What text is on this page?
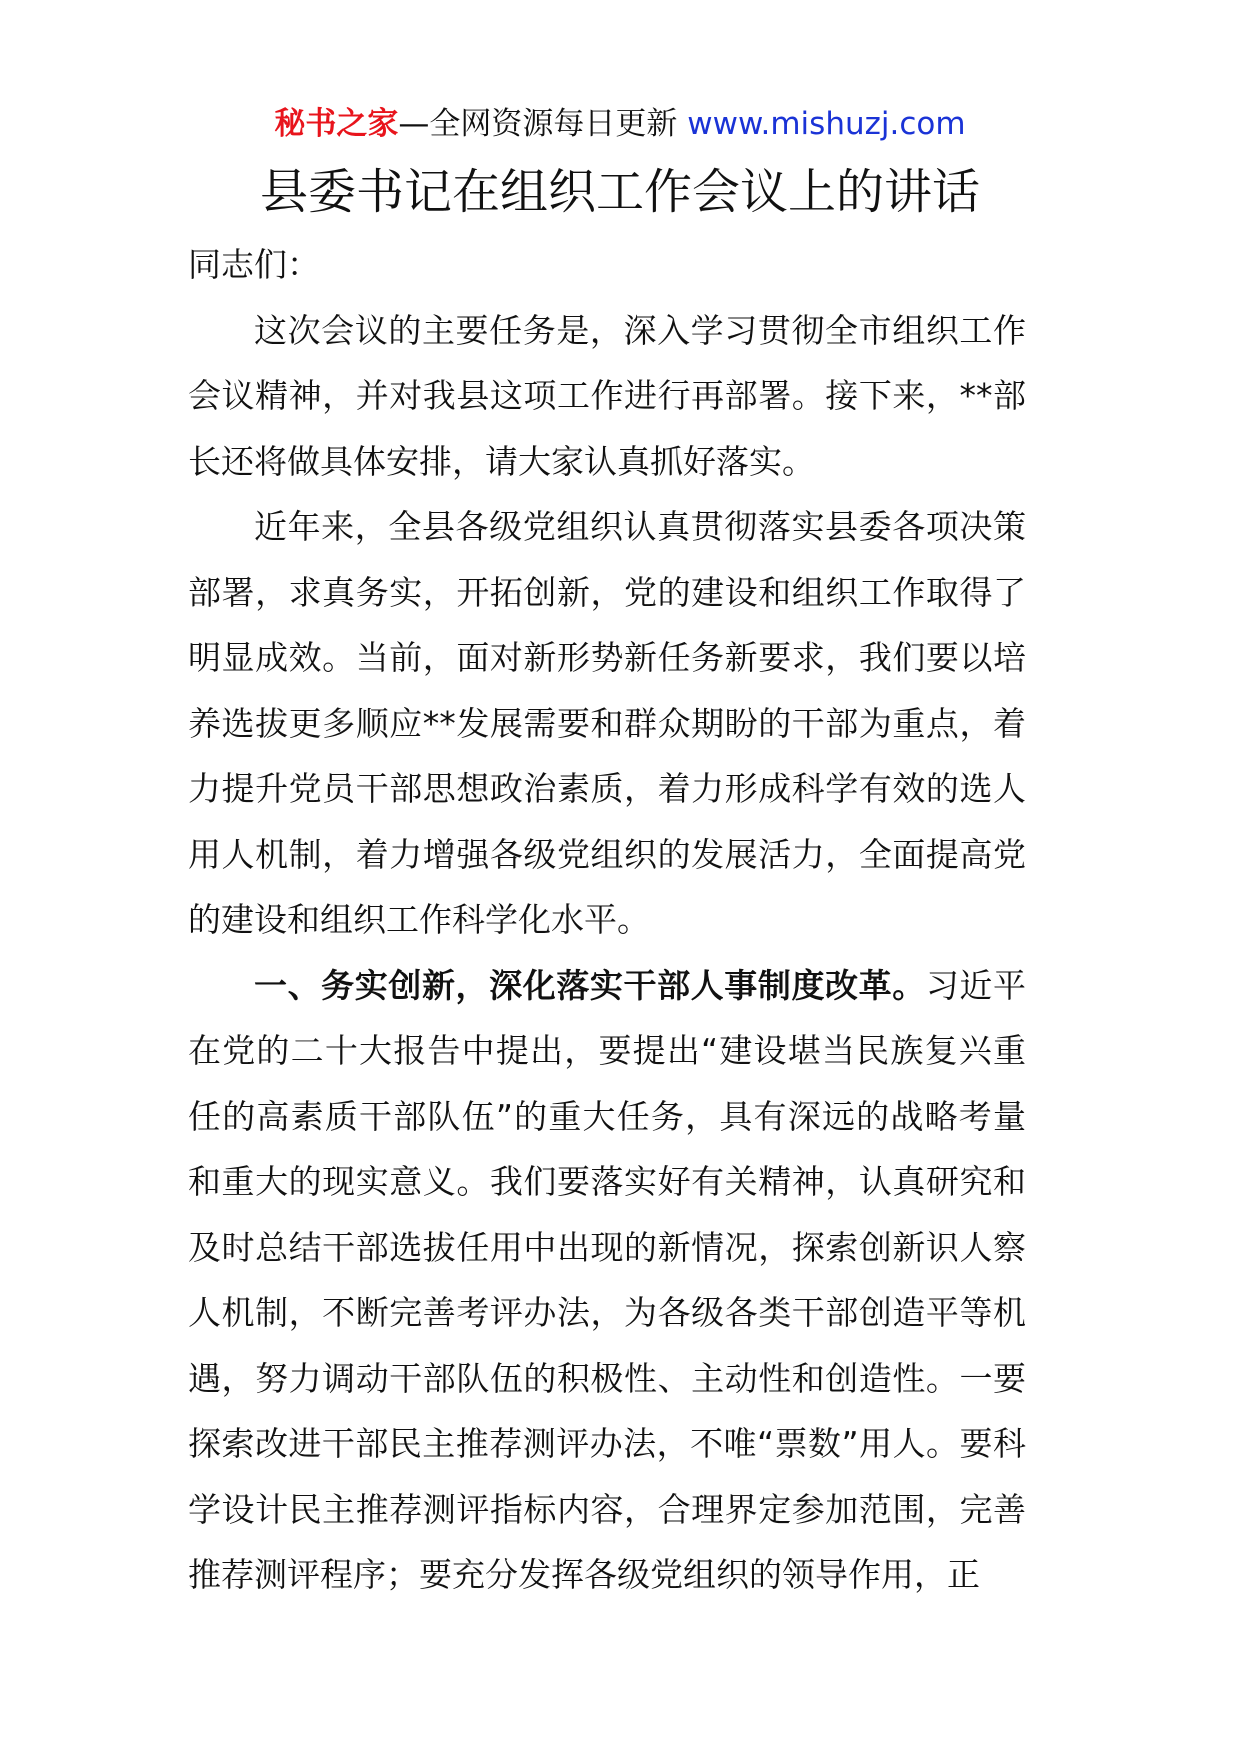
秘书之家—全网资源每日更新 www.mishuzj.com
县委书记在组织工作会议上的讲话

同志们：

这次会议的主要任务是，深入学习贯彻全市组织工作会议精神，并对我县这项工作进行再部署。接下来，**部长还将做具体安排，请大家认真抓好落实。

近年来，全县各级党组织认真贯彻落实县委各项决策部署，求真务实，开拓创新，党的建设和组织工作取得了明显成效。当前，面对新形势新任务新要求，我们要以培养选拔更多顺应**发展需要和群众期盼的干部为重点，着力提升党员干部思想政治素质，着力形成科学有效的选人用人机制，着力增强各级党组织的发展活力，全面提高党的建设和组织工作科学化水平。

一、务实创新，深化落实干部人事制度改革。习近平在党的二十大报告中提出，要提出“建设堪当民族复兴重任的高素质干部队伍”的重大任务，具有深远的战略考量和重大的现实意义。我们要落实好有关精神，认真研究和及时总结干部选拔任用中出现的新情况，探索创新识人察人机制，不断完善考评办法，为各级各类干部创造平等机遇，努力调动干部队伍的积极性、主动性和创造性。一要探索改进干部民主推荐测评办法，不唯“票数”用人。要科学设计民主推荐测评指标内容，合理界定参加范围，完善推荐测评程序；要充分发挥各级党组织的领导作用，正
